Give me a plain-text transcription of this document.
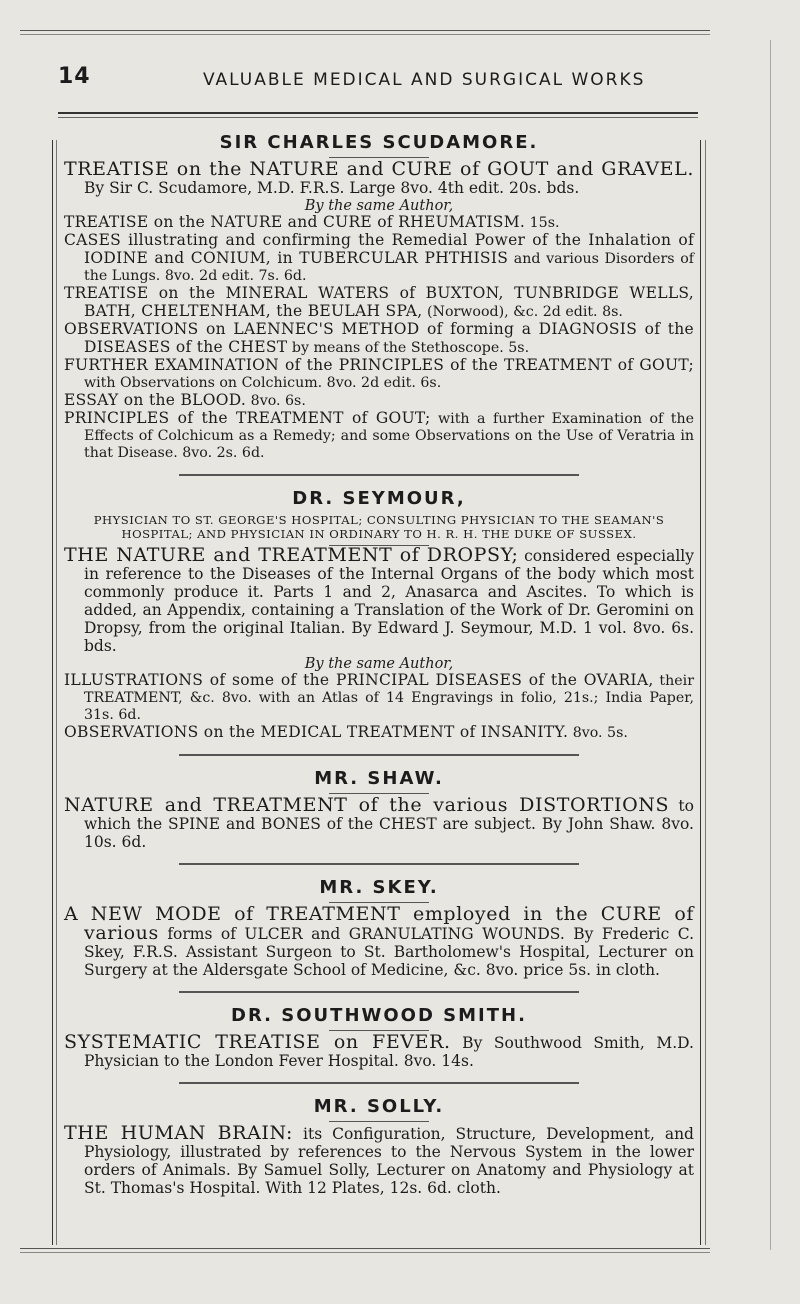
14	VALUABLE MEDICAL AND SURGICAL WORKS
SIR CHARLES SCUDAMORE.

TREATISE on the NATURE and CURE of GOUT and GRAVEL. By Sir C. Scudamore, M.D. F.R.S. Large 8vo. 4th edit. 20s. bds.

By the same Author,

TREATISE on the NATURE and CURE of RHEUMATISM. 15s.

CASES illustrating and confirming the Remedial Power of the Inhalation of IODINE and CONIUM, in TUBERCULAR PHTHISIS and various Disorders of the Lungs. 8vo. 2d edit. 7s. 6d.

TREATISE on the MINERAL WATERS of BUXTON, TUNBRIDGE WELLS, BATH, CHELTENHAM, the BEULAH SPA, (Norwood), &c. 2d edit. 8s.

OBSERVATIONS on LAENNEC'S METHOD of forming a DIAGNOSIS of the DISEASES of the CHEST by means of the Stethoscope. 5s.

FURTHER EXAMINATION of the PRINCIPLES of the TREATMENT of GOUT; with Observations on Colchicum. 8vo. 2d edit. 6s.

ESSAY on the BLOOD. 8vo. 6s.

PRINCIPLES of the TREATMENT of GOUT; with a further Examination of the Effects of Colchicum as a Remedy; and some Observations on the Use of Veratria in that Disease. 8vo. 2s. 6d.

DR. SEYMOUR,
PHYSICIAN TO ST. GEORGE'S HOSPITAL; CONSULTING PHYSICIAN TO THE SEAMAN'S HOSPITAL; AND PHYSICIAN IN ORDINARY TO H. R. H. THE DUKE OF SUSSEX.

THE NATURE and TREATMENT of DROPSY; considered especially in reference to the Diseases of the Internal Organs of the body which most commonly produce it. Parts 1 and 2, Anasarca and Ascites. To which is added, an Appendix, containing a Translation of the Work of Dr. Geromini on Dropsy, from the original Italian. By Edward J. Seymour, M.D. 1 vol. 8vo. 6s. bds.

By the same Author,

ILLUSTRATIONS of some of the PRINCIPAL DISEASES of the OVARIA, their TREATMENT, &c. 8vo. with an Atlas of 14 Engravings in folio, 21s.; India Paper, 31s. 6d.

OBSERVATIONS on the MEDICAL TREATMENT of INSANITY. 8vo. 5s.

MR. SHAW.

NATURE and TREATMENT of the various DISTORTIONS to which the SPINE and BONES of the CHEST are subject. By John Shaw. 8vo. 10s. 6d.

MR. SKEY.

A NEW MODE of TREATMENT employed in the CURE of various forms of ULCER and GRANULATING WOUNDS. By Frederic C. Skey, F.R.S. Assistant Surgeon to St. Bartholomew's Hospital, Lecturer on Surgery at the Aldersgate School of Medicine, &c. 8vo. price 5s. in cloth.

DR. SOUTHWOOD SMITH.

SYSTEMATIC TREATISE on FEVER. By Southwood Smith, M.D. Physician to the London Fever Hospital. 8vo. 14s.

MR. SOLLY.

THE HUMAN BRAIN: its Configuration, Structure, Development, and Physiology, illustrated by references to the Nervous System in the lower orders of Animals. By Samuel Solly, Lecturer on Anatomy and Physiology at St. Thomas's Hospital. With 12 Plates, 12s. 6d. cloth.
